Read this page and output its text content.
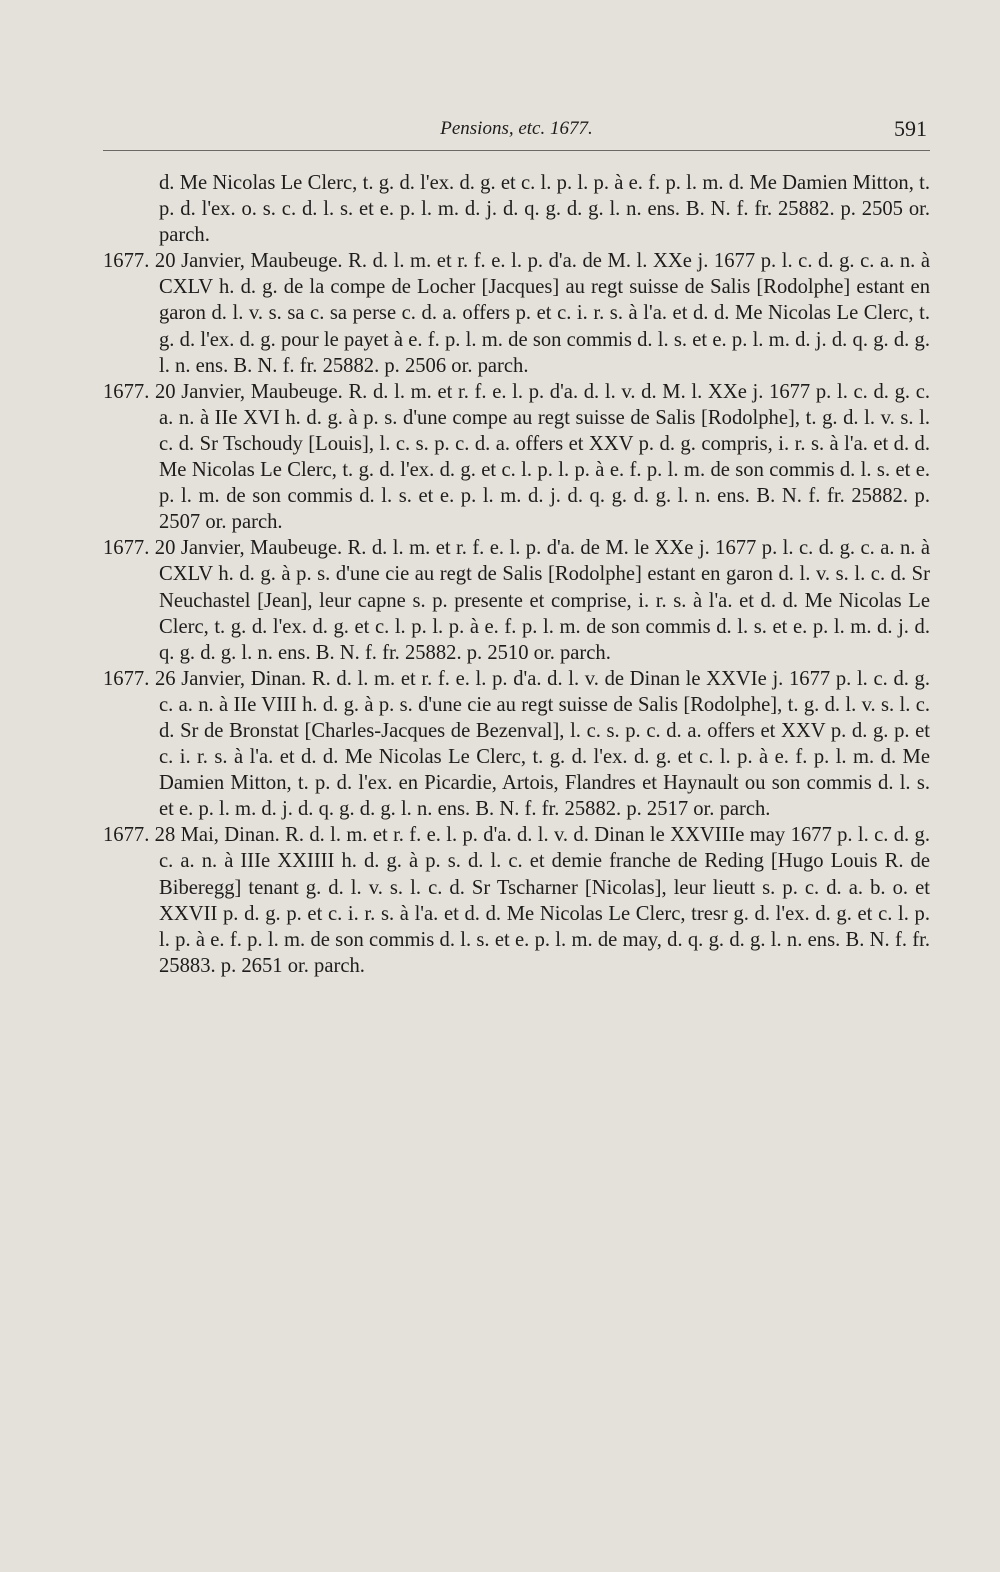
Pensions, etc. 1677.	591

d. Me Nicolas Le Clerc, t. g. d. l'ex. d. g. et c. l. p. l. p. à e. f. p. l. m. d. Me Damien Mitton, t. p. d. l'ex. o. s. c. d. l. s. et e. p. l. m. d. j. d. q. g. d. g. l. n. ens. B. N. f. fr. 25882. p. 2505 or. parch.

1677. 20 Janvier, Maubeuge. R. d. l. m. et r. f. e. l. p. d'a. de M. l. XXe j. 1677 p. l. c. d. g. c. a. n. à CXLV h. d. g. de la compe de Locher [Jacques] au regt suisse de Salis [Rodolphe] estant en garon d. l. v. s. sa c. sa perse c. d. a. offers p. et c. i. r. s. à l'a. et d. d. Me Nicolas Le Clerc, t. g. d. l'ex. d. g. pour le payet à e. f. p. l. m. de son commis d. l. s. et e. p. l. m. d. j. d. q. g. d. g. l. n. ens. B. N. f. fr. 25882. p. 2506 or. parch.

1677. 20 Janvier, Maubeuge. R. d. l. m. et r. f. e. l. p. d'a. d. l. v. d. M. l. XXe j. 1677 p. l. c. d. g. c. a. n. à IIe XVI h. d. g. à p. s. d'une compe au regt suisse de Salis [Rodolphe], t. g. d. l. v. s. l. c. d. Sr Tschoudy [Louis], l. c. s. p. c. d. a. offers et XXV p. d. g. compris, i. r. s. à l'a. et d. d. Me Nicolas Le Clerc, t. g. d. l'ex. d. g. et c. l. p. l. p. à e. f. p. l. m. de son commis d. l. s. et e. p. l. m. de son commis d. l. s. et e. p. l. m. d. j. d. q. g. d. g. l. n. ens. B. N. f. fr. 25882. p. 2507 or. parch.

1677. 20 Janvier, Maubeuge. R. d. l. m. et r. f. e. l. p. d'a. de M. le XXe j. 1677 p. l. c. d. g. c. a. n. à CXLV h. d. g. à p. s. d'une cie au regt de Salis [Rodolphe] estant en garon d. l. v. s. l. c. d. Sr Neuchastel [Jean], leur capne s. p. presente et comprise, i. r. s. à l'a. et d. d. Me Nicolas Le Clerc, t. g. d. l'ex. d. g. et c. l. p. l. p. à e. f. p. l. m. de son commis d. l. s. et e. p. l. m. d. j. d. q. g. d. g. l. n. ens. B. N. f. fr. 25882. p. 2510 or. parch.

1677. 26 Janvier, Dinan. R. d. l. m. et r. f. e. l. p. d'a. d. l. v. de Dinan le XXVIe j. 1677 p. l. c. d. g. c. a. n. à IIe VIII h. d. g. à p. s. d'une cie au regt suisse de Salis [Rodolphe], t. g. d. l. v. s. l. c. d. Sr de Bronstat [Charles-Jacques de Bezenval], l. c. s. p. c. d. a. offers et XXV p. d. g. p. et c. i. r. s. à l'a. et d. d. Me Nicolas Le Clerc, t. g. d. l'ex. d. g. et c. l. p. à e. f. p. l. m. d. Me Damien Mitton, t. p. d. l'ex. en Picardie, Artois, Flandres et Haynault ou son commis d. l. s. et e. p. l. m. d. j. d. q. g. d. g. l. n. ens. B. N. f. fr. 25882. p. 2517 or. parch.

1677. 28 Mai, Dinan. R. d. l. m. et r. f. e. l. p. d'a. d. l. v. d. Dinan le XXVIIIe may 1677 p. l. c. d. g. c. a. n. à IIIe XXIIII h. d. g. à p. s. d. l. c. et demie franche de Reding [Hugo Louis R. de Biberegg] tenant g. d. l. v. s. l. c. d. Sr Tscharner [Nicolas], leur lieutt s. p. c. d. a. b. o. et XXVII p. d. g. p. et c. i. r. s. à l'a. et d. d. Me Nicolas Le Clerc, tresr g. d. l'ex. d. g. et c. l. p. l. p. à e. f. p. l. m. de son commis d. l. s. et e. p. l. m. de may, d. q. g. d. g. l. n. ens. B. N. f. fr. 25883. p. 2651 or. parch.
